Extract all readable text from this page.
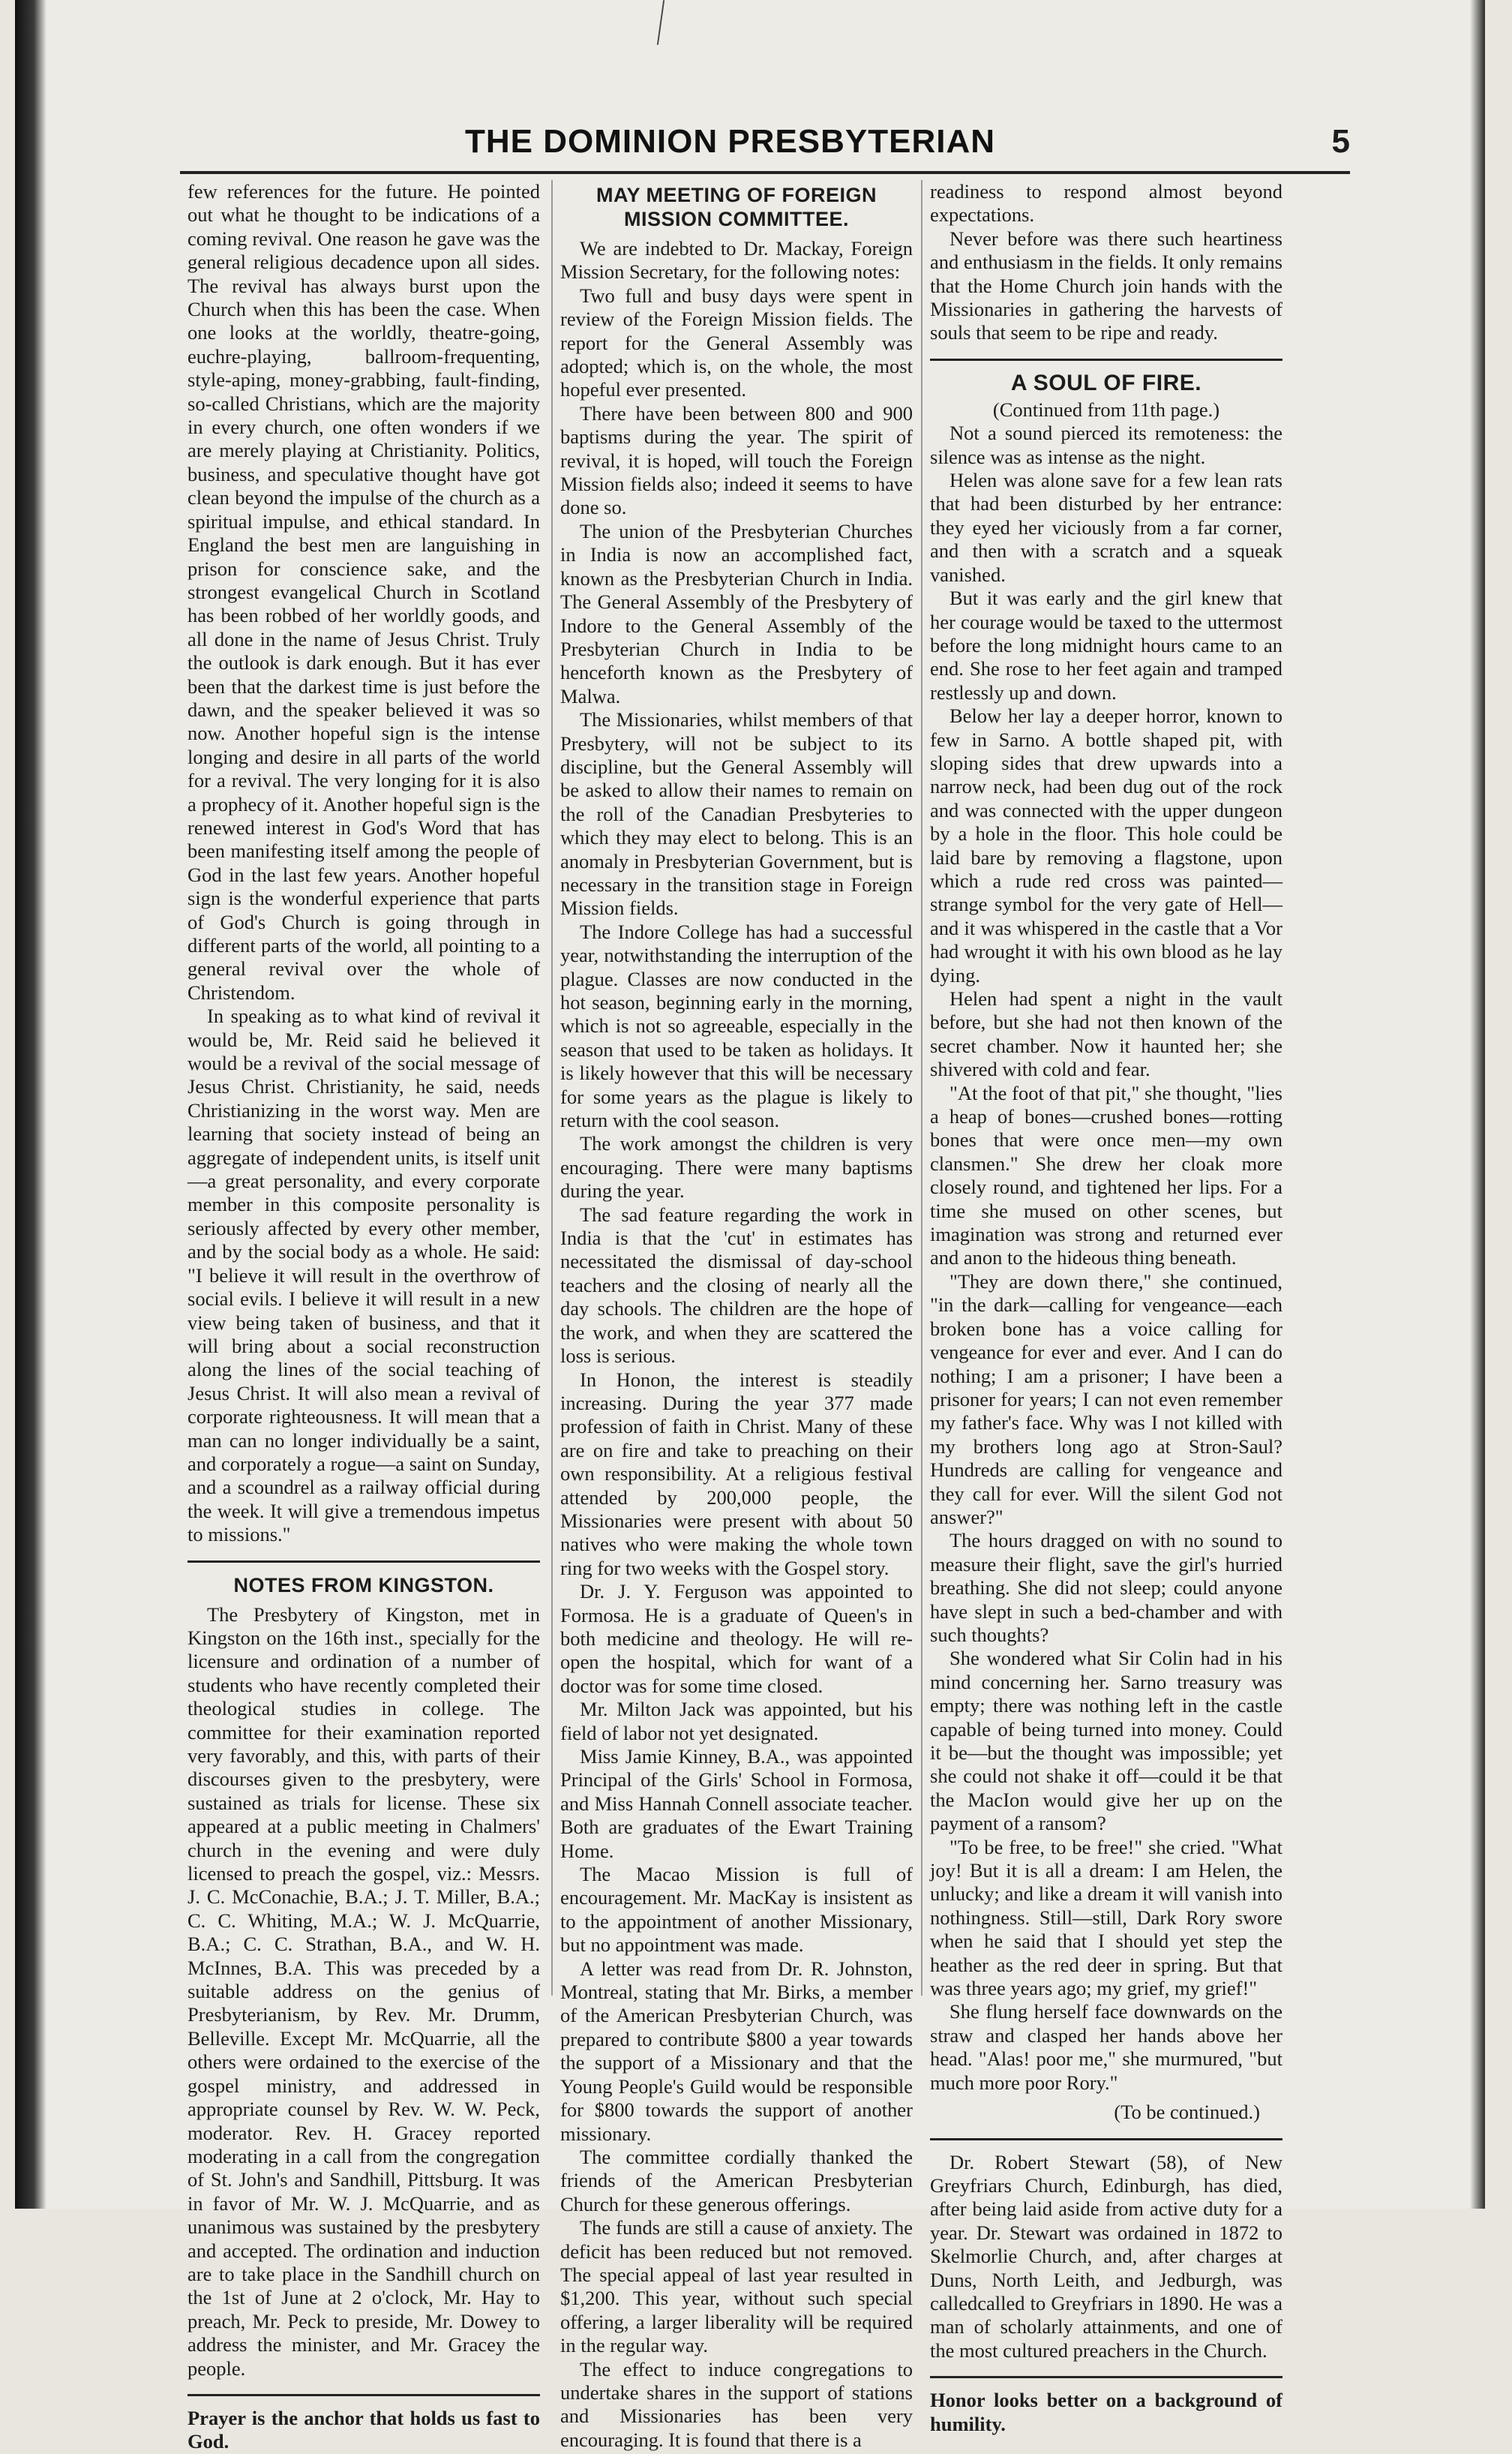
THE DOMINION PRESBYTERIAN	5

few references for the future. He pointed out what he thought to be indications of a coming revival. One reason he gave was the general religious decadence upon all sides. The revival has always burst upon the Church when this has been the case. When one looks at the worldly, theatre-going, euchre-playing, ballroom-frequenting, style-aping, money-grabbing, fault-finding, so-called Christians, which are the majority in every church, one often wonders if we are merely playing at Christianity. Politics, business, and speculative thought have got clean beyond the impulse of the church as a spiritual impulse, and ethical standard. In England the best men are languishing in prison for conscience sake, and the strongest evangelical Church in Scotland has been robbed of her worldly goods, and all done in the name of Jesus Christ. Truly the outlook is dark enough. But it has ever been that the darkest time is just before the dawn, and the speaker believed it was so now. Another hopeful sign is the intense longing and desire in all parts of the world for a revival. The very longing for it is also a prophecy of it. Another hopeful sign is the renewed interest in God's Word that has been manifesting itself among the people of God in the last few years. Another hopeful sign is the wonderful experience that parts of God's Church is going through in different parts of the world, all pointing to a general revival over the whole of Christendom.

In speaking as to what kind of revival it would be, Mr. Reid said he believed it would be a revival of the social message of Jesus Christ. Christianity, he said, needs Christianizing in the worst way. Men are learning that society instead of being an aggregate of independent units, is itself unit—a great personality, and every corporate member in this composite personality is seriously affected by every other member, and by the social body as a whole. He said: "I believe it will result in the overthrow of social evils. I believe it will result in a new view being taken of business, and that it will bring about a social reconstruction along the lines of the social teaching of Jesus Christ. It will also mean a revival of corporate righteousness. It will mean that a man can no longer individually be a saint, and corporately a rogue—a saint on Sunday, and a scoundrel as a railway official during the week. It will give a tremendous impetus to missions."

NOTES FROM KINGSTON.

The Presbytery of Kingston, met in Kingston on the 16th inst., specially for the licensure and ordination of a number of students who have recently completed their theological studies in college. The committee for their examination reported very favorably, and this, with parts of their discourses given to the presbytery, were sustained as trials for license. These six appeared at a public meeting in Chalmers' church in the evening and were duly licensed to preach the gospel, viz.: Messrs. J. C. McConachie, B.A.; J. T. Miller, B.A.; C. C. Whiting, M.A.; W. J. McQuarrie, B.A.; C. C. Strathan, B.A., and W. H. McInnes, B.A. This was preceded by a suitable address on the genius of Presbyterianism, by Rev. Mr. Drumm, Belleville. Except Mr. McQuarrie, all the others were ordained to the exercise of the gospel ministry, and addressed in appropriate counsel by Rev. W. W. Peck, moderator. Rev. H. Gracey reported moderating in a call from the congregation of St. John's and Sandhill, Pittsburg. It was in favor of Mr. W. J. McQuarrie, and as unanimous was sustained by the presbytery and accepted. The ordination and induction are to take place in the Sandhill church on the 1st of June at 2 o'clock, Mr. Hay to preach, Mr. Peck to preside, Mr. Dowey to address the minister, and Mr. Gracey the people.

Prayer is the anchor that holds us fast to God.

MAY MEETING OF FOREIGN MISSION COMMITTEE.

We are indebted to Dr. Mackay, Foreign Mission Secretary, for the following notes:

Two full and busy days were spent in review of the Foreign Mission fields. The report for the General Assembly was adopted; which is, on the whole, the most hopeful ever presented.

There have been between 800 and 900 baptisms during the year. The spirit of revival, it is hoped, will touch the Foreign Mission fields also; indeed it seems to have done so.

The union of the Presbyterian Churches in India is now an accomplished fact, known as the Presbyterian Church in India. The General Assembly of the Presbytery of Indore to the General Assembly of the Presbyterian Church in India to be henceforth known as the Presbytery of Malwa.

The Missionaries, whilst members of that Presbytery, will not be subject to its discipline, but the General Assembly will be asked to allow their names to remain on the roll of the Canadian Presbyteries to which they may elect to belong. This is an anomaly in Presbyterian Government, but is necessary in the transition stage in Foreign Mission fields.

The Indore College has had a successful year, notwithstanding the interruption of the plague. Classes are now conducted in the hot season, beginning early in the morning, which is not so agreeable, especially in the season that used to be taken as holidays. It is likely however that this will be necessary for some years as the plague is likely to return with the cool season.

The work amongst the children is very encouraging. There were many baptisms during the year.

The sad feature regarding the work in India is that the 'cut' in estimates has necessitated the dismissal of day-school teachers and the closing of nearly all the day schools. The children are the hope of the work, and when they are scattered the loss is serious.

In Honon, the interest is steadily increasing. During the year 377 made profession of faith in Christ. Many of these are on fire and take to preaching on their own responsibility. At a religious festival attended by 200,000 people, the Missionaries were present with about 50 natives who were making the whole town ring for two weeks with the Gospel story.

Dr. J. Y. Ferguson was appointed to Formosa. He is a graduate of Queen's in both medicine and theology. He will re-open the hospital, which for want of a doctor was for some time closed.

Mr. Milton Jack was appointed, but his field of labor not yet designated.

Miss Jamie Kinney, B.A., was appointed Principal of the Girls' School in Formosa, and Miss Hannah Connell associate teacher. Both are graduates of the Ewart Training Home.

The Macao Mission is full of encouragement. Mr. MacKay is insistent as to the appointment of another Missionary, but no appointment was made.

A letter was read from Dr. R. Johnston, Montreal, stating that Mr. Birks, a member of the American Presbyterian Church, was prepared to contribute $800 a year towards the support of a Missionary and that the Young People's Guild would be responsible for $800 towards the support of another missionary.

The committee cordially thanked the friends of the American Presbyterian Church for these generous offerings.

The funds are still a cause of anxiety. The deficit has been reduced but not removed. The special appeal of last year resulted in $1,200. This year, without such special offering, a larger liberality will be required in the regular way.

The effect to induce congregations to undertake shares in the support of stations and Missionaries has been very encouraging. It is found that there is a

readiness to respond almost beyond expectations.

Never before was there such heartiness and enthusiasm in the fields. It only remains that the Home Church join hands with the Missionaries in gathering the harvests of souls that seem to be ripe and ready.

A SOUL OF FIRE.

(Continued from 11th page.)

Not a sound pierced its remoteness: the silence was as intense as the night.

Helen was alone save for a few lean rats that had been disturbed by her entrance: they eyed her viciously from a far corner, and then with a scratch and a squeak vanished.

But it was early and the girl knew that her courage would be taxed to the uttermost before the long midnight hours came to an end. She rose to her feet again and tramped restlessly up and down.

Below her lay a deeper horror, known to few in Sarno. A bottle shaped pit, with sloping sides that drew upwards into a narrow neck, had been dug out of the rock and was connected with the upper dungeon by a hole in the floor. This hole could be laid bare by removing a flagstone, upon which a rude red cross was painted—strange symbol for the very gate of Hell—and it was whispered in the castle that a Vor had wrought it with his own blood as he lay dying.

Helen had spent a night in the vault before, but she had not then known of the secret chamber. Now it haunted her; she shivered with cold and fear.

"At the foot of that pit," she thought, "lies a heap of bones—crushed bones—rotting bones that were once men—my own clansmen." She drew her cloak more closely round, and tightened her lips. For a time she mused on other scenes, but imagination was strong and returned ever and anon to the hideous thing beneath.

"They are down there," she continued, "in the dark—calling for vengeance—each broken bone has a voice calling for vengeance for ever and ever. And I can do nothing; I am a prisoner; I have been a prisoner for years; I can not even remember my father's face. Why was I not killed with my brothers long ago at Stron-Saul? Hundreds are calling for vengeance and they call for ever. Will the silent God not answer?"

The hours dragged on with no sound to measure their flight, save the girl's hurried breathing. She did not sleep; could anyone have slept in such a bed-chamber and with such thoughts?

She wondered what Sir Colin had in his mind concerning her. Sarno treasury was empty; there was nothing left in the castle capable of being turned into money. Could it be—but the thought was impossible; yet she could not shake it off—could it be that the MacIon would give her up on the payment of a ransom?

"To be free, to be free!" she cried. "What joy! But it is all a dream: I am Helen, the unlucky; and like a dream it will vanish into nothingness. Still—still, Dark Rory swore when he said that I should yet step the heather as the red deer in spring. But that was three years ago; my grief, my grief!"

She flung herself face downwards on the straw and clasped her hands above her head. "Alas! poor me," she murmured, "but much more poor Rory."

(To be continued.)

Dr. Robert Stewart (58), of New Greyfriars Church, Edinburgh, has died, after being laid aside from active duty for a year. Dr. Stewart was ordained in 1872 to Skelmorlie Church, and, after charges at Duns, North Leith, and Jedburgh, was calledcalled to Greyfriars in 1890. He was a man of scholarly attainments, and one of the most cultured preachers in the Church.

Honor looks better on a background of humility.
